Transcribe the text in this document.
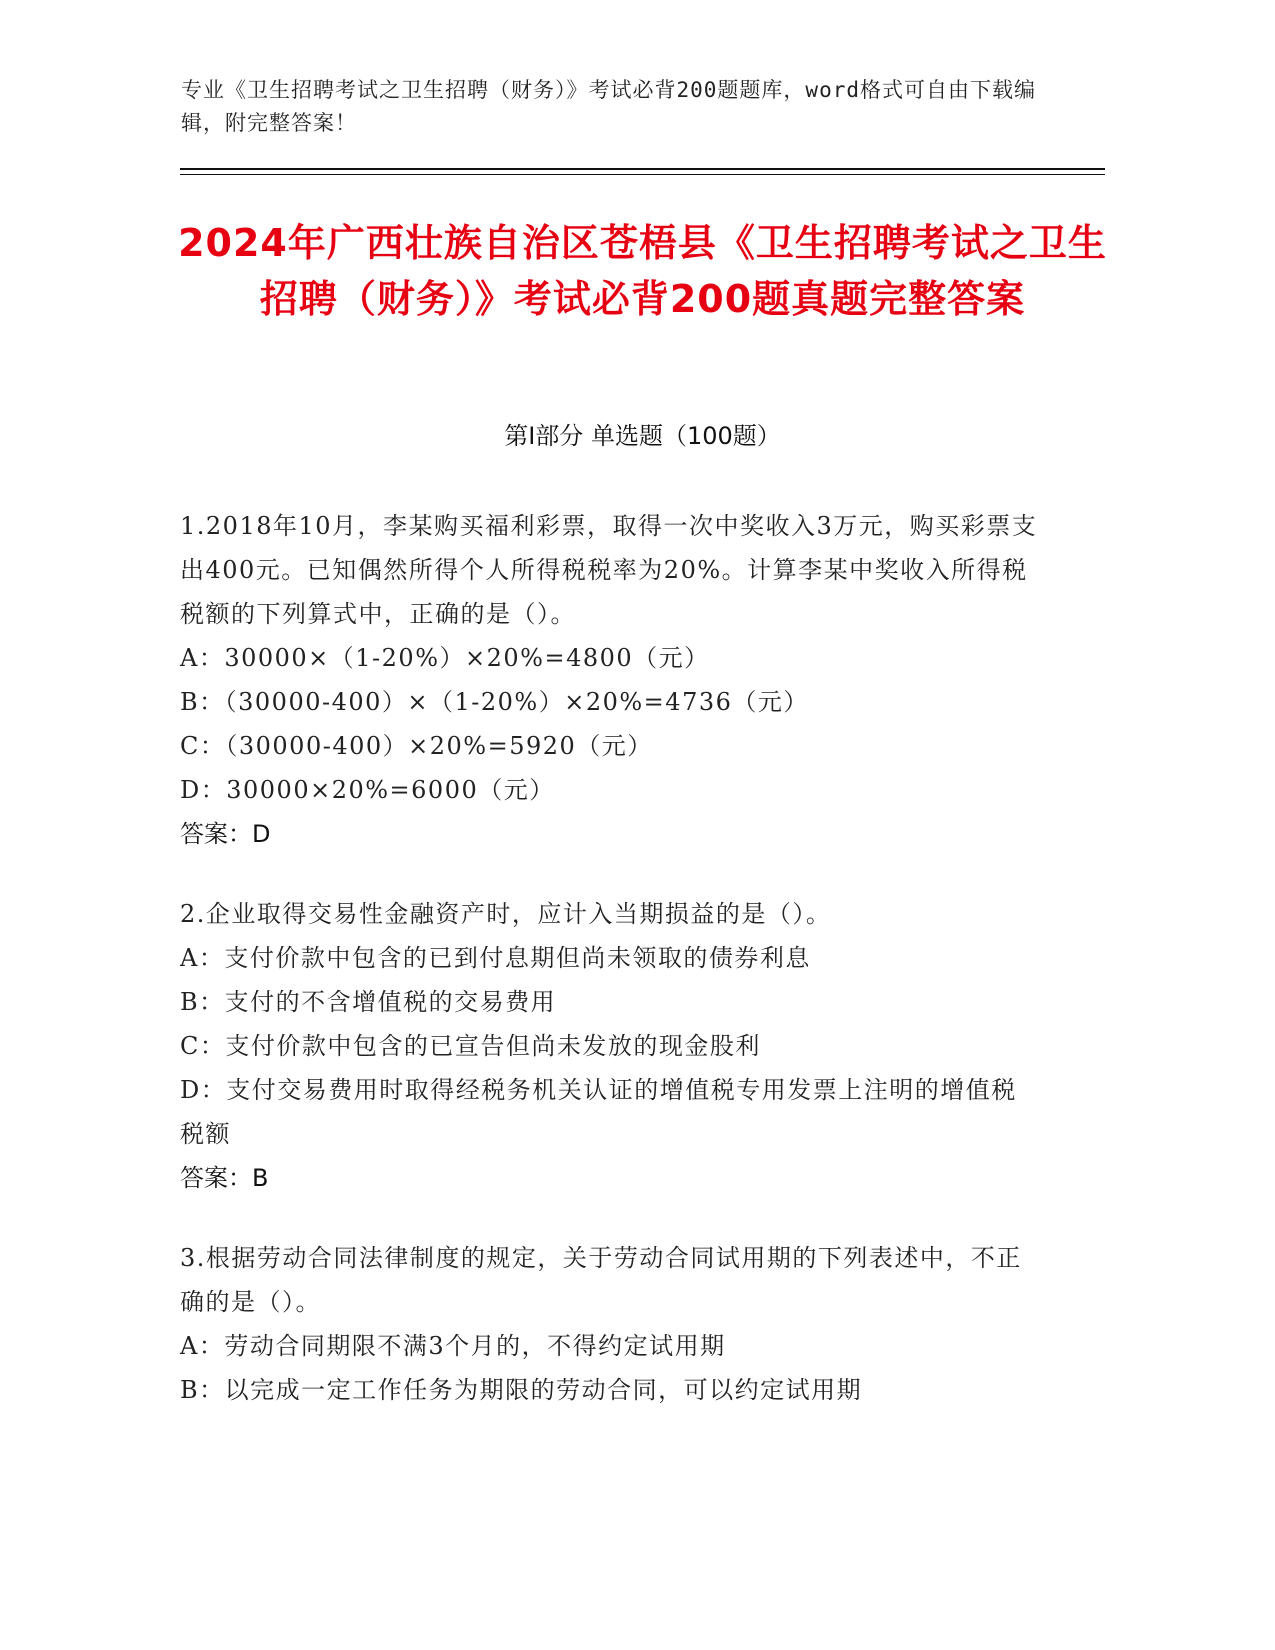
专业《卫生招聘考试之卫生招聘（财务）》考试必背200题题库，word格式可自由下载编辑，附完整答案！
2024年广西壮族自治区苍梧县《卫生招聘考试之卫生招聘（财务）》考试必背200题真题完整答案
第I部分 单选题（100题）
1.2018年10月，李某购买福利彩票，取得一次中奖收入3万元，购买彩票支出400元。已知偶然所得个人所得税税率为20%。计算李某中奖收入所得税税额的下列算式中，正确的是（）。
A：30000×（1-20%）×20%=4800（元）
B：（30000-400）×（1-20%）×20%=4736（元）
C：（30000-400）×20%=5920（元）
D：30000×20%=6000（元）
答案：D
2.企业取得交易性金融资产时，应计入当期损益的是（）。
A：支付价款中包含的已到付息期但尚未领取的债券利息
B：支付的不含增值税的交易费用
C：支付价款中包含的已宣告但尚未发放的现金股利
D：支付交易费用时取得经税务机关认证的增值税专用发票上注明的增值税税额
答案：B
3.根据劳动合同法律制度的规定，关于劳动合同试用期的下列表述中，不正确的是（）。
A：劳动合同期限不满3个月的，不得约定试用期
B：以完成一定工作任务为期限的劳动合同，可以约定试用期
